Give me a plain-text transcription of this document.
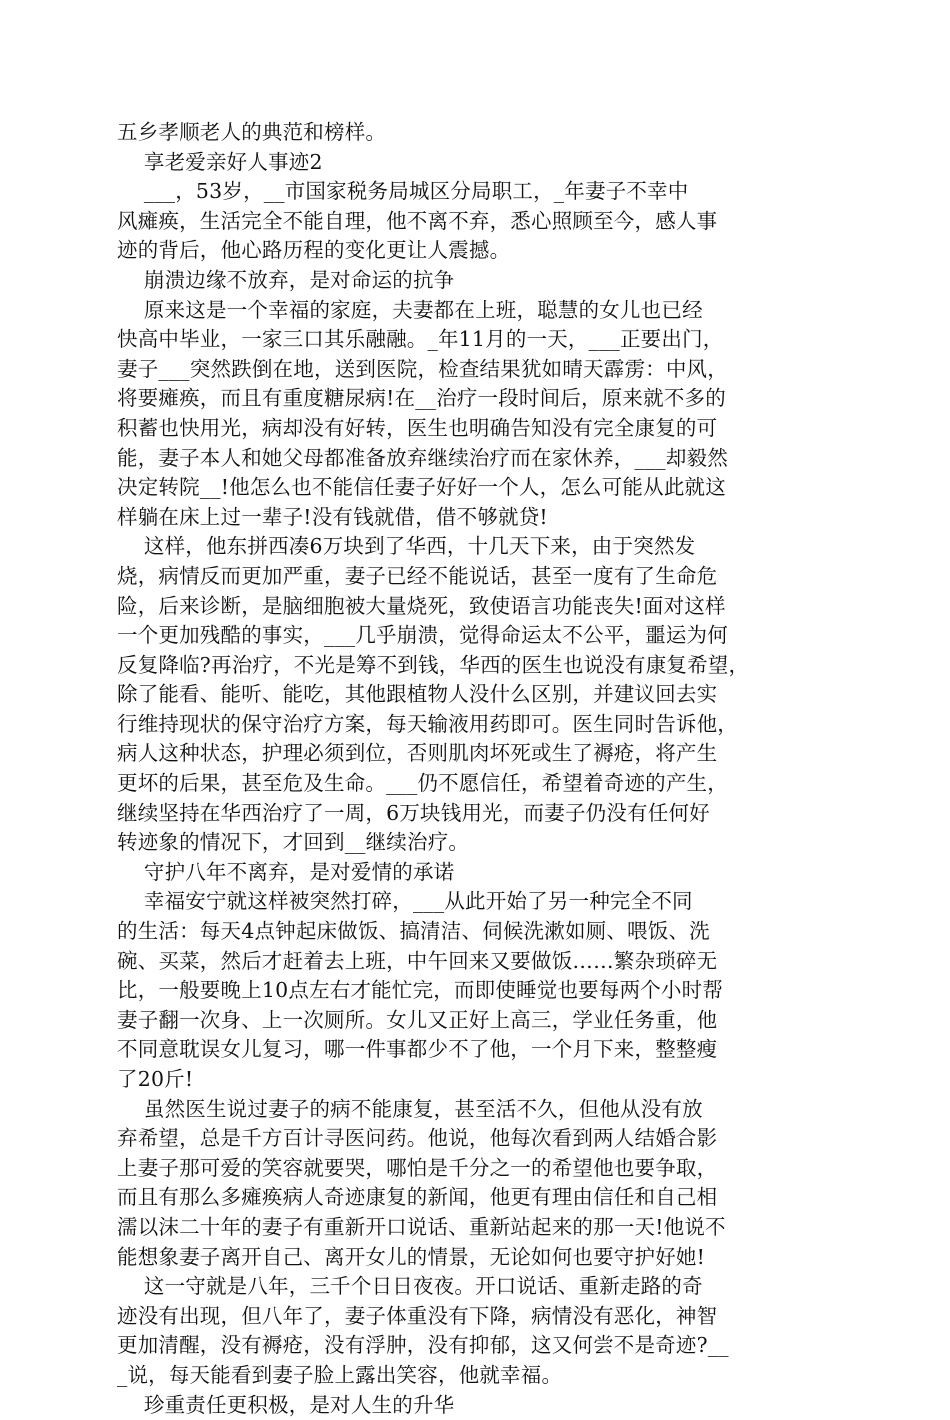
五乡孝顺老人的典范和榜样。
享老爱亲好人事迹2
___，53岁，__市国家税务局城区分局职工，_年妻子不幸中
风瘫痪，生活完全不能自理，他不离不弃，悉心照顾至今，感人事
迹的背后，他心路历程的变化更让人震撼。
崩溃边缘不放弃，是对命运的抗争
原来这是一个幸福的家庭，夫妻都在上班，聪慧的女儿也已经
快高中毕业，一家三口其乐融融。_年11月的一天，___正要出门，
妻子___突然跌倒在地，送到医院，检查结果犹如晴天霹雳：中风，
将要瘫痪，而且有重度糖尿病!在__治疗一段时间后，原来就不多的
积蓄也快用光，病却没有好转，医生也明确告知没有完全康复的可
能，妻子本人和她父母都准备放弃继续治疗而在家休养，___却毅然
决定转院__!他怎么也不能信任妻子好好一个人，怎么可能从此就这
样躺在床上过一辈子!没有钱就借，借不够就贷!
这样，他东拼西凑6万块到了华西，十几天下来，由于突然发
烧，病情反而更加严重，妻子已经不能说话，甚至一度有了生命危
险，后来诊断，是脑细胞被大量烧死，致使语言功能丧失!面对这样
一个更加残酷的事实，___几乎崩溃，觉得命运太不公平，噩运为何
反复降临?再治疗，不光是筹不到钱，华西的医生也说没有康复希望，
除了能看、能听、能吃，其他跟植物人没什么区别，并建议回去实
行维持现状的保守治疗方案，每天输液用药即可。医生同时告诉他，
病人这种状态，护理必须到位，否则肌肉坏死或生了褥疮，将产生
更坏的后果，甚至危及生命。___仍不愿信任，希望着奇迹的产生，
继续坚持在华西治疗了一周，6万块钱用光，而妻子仍没有任何好
转迹象的情况下，才回到__继续治疗。
守护八年不离弃，是对爱情的承诺
幸福安宁就这样被突然打碎，___从此开始了另一种完全不同
的生活：每天4点钟起床做饭、搞清洁、伺候洗漱如厕、喂饭、洗
碗、买菜，然后才赶着去上班，中午回来又要做饭……繁杂琐碎无
比，一般要晚上10点左右才能忙完，而即使睡觉也要每两个小时帮
妻子翻一次身、上一次厕所。女儿又正好上高三，学业任务重，他
不同意耽误女儿复习，哪一件事都少不了他，一个月下来，整整瘦
了20斤!
虽然医生说过妻子的病不能康复，甚至活不久，但他从没有放
弃希望，总是千方百计寻医问药。他说，他每次看到两人结婚合影
上妻子那可爱的笑容就要哭，哪怕是千分之一的希望他也要争取，
而且有那么多瘫痪病人奇迹康复的新闻，他更有理由信任和自己相
濡以沫二十年的妻子有重新开口说话、重新站起来的那一天!他说不
能想象妻子离开自己、离开女儿的情景，无论如何也要守护好她!
这一守就是八年，三千个日日夜夜。开口说话、重新走路的奇
迹没有出现，但八年了，妻子体重没有下降，病情没有恶化，神智
更加清醒，没有褥疮，没有浮肿，没有抑郁，这又何尝不是奇迹?__
_说，每天能看到妻子脸上露出笑容，他就幸福。
珍重责任更积极，是对人生的升华
